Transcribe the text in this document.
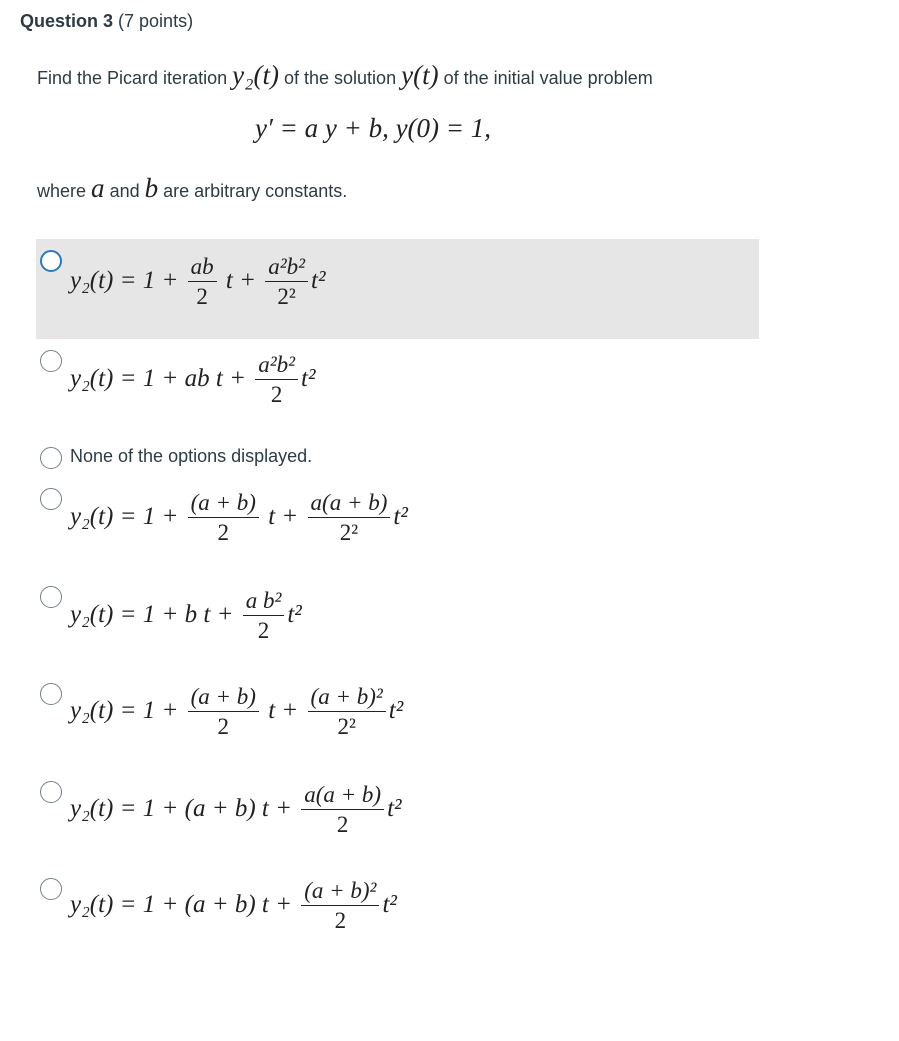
Question 3 (7 points)
Find the Picard iteration y₂(t) of the solution y(t) of the initial value problem
y′ = a y + b, y(0) = 1,
where a and b are arbitrary constants.
$y_2(t) = 1 + \frac{ab}{2}$ $t + \frac{\text{a²b²}}{\text{2²}} t^2$
y₂(t) = 1 + ab $t + \frac{\text{a²b²}}{2} t^2$
None of the options displayed.
$y_2(t) = 1 + \frac{(a + b)}{2}$ $t + \frac{a(a + b)}{\text{2²}} t^2$
y₂(t) = 1 + b $t + \frac{\text{a b²}}{2} t^2$
$y_2(t) = 1 + \frac{(a + b)}{2}$ $t + \frac{\text{(a + b)²}}{\text{2²}} t^2$
y₂(t) = 1 + (a + b) $t + \frac{a(a + b)}{2} t^2$
y₂(t) = 1 + (a + b) $t + \frac{\text{(a + b)²}}{2} t^2$
